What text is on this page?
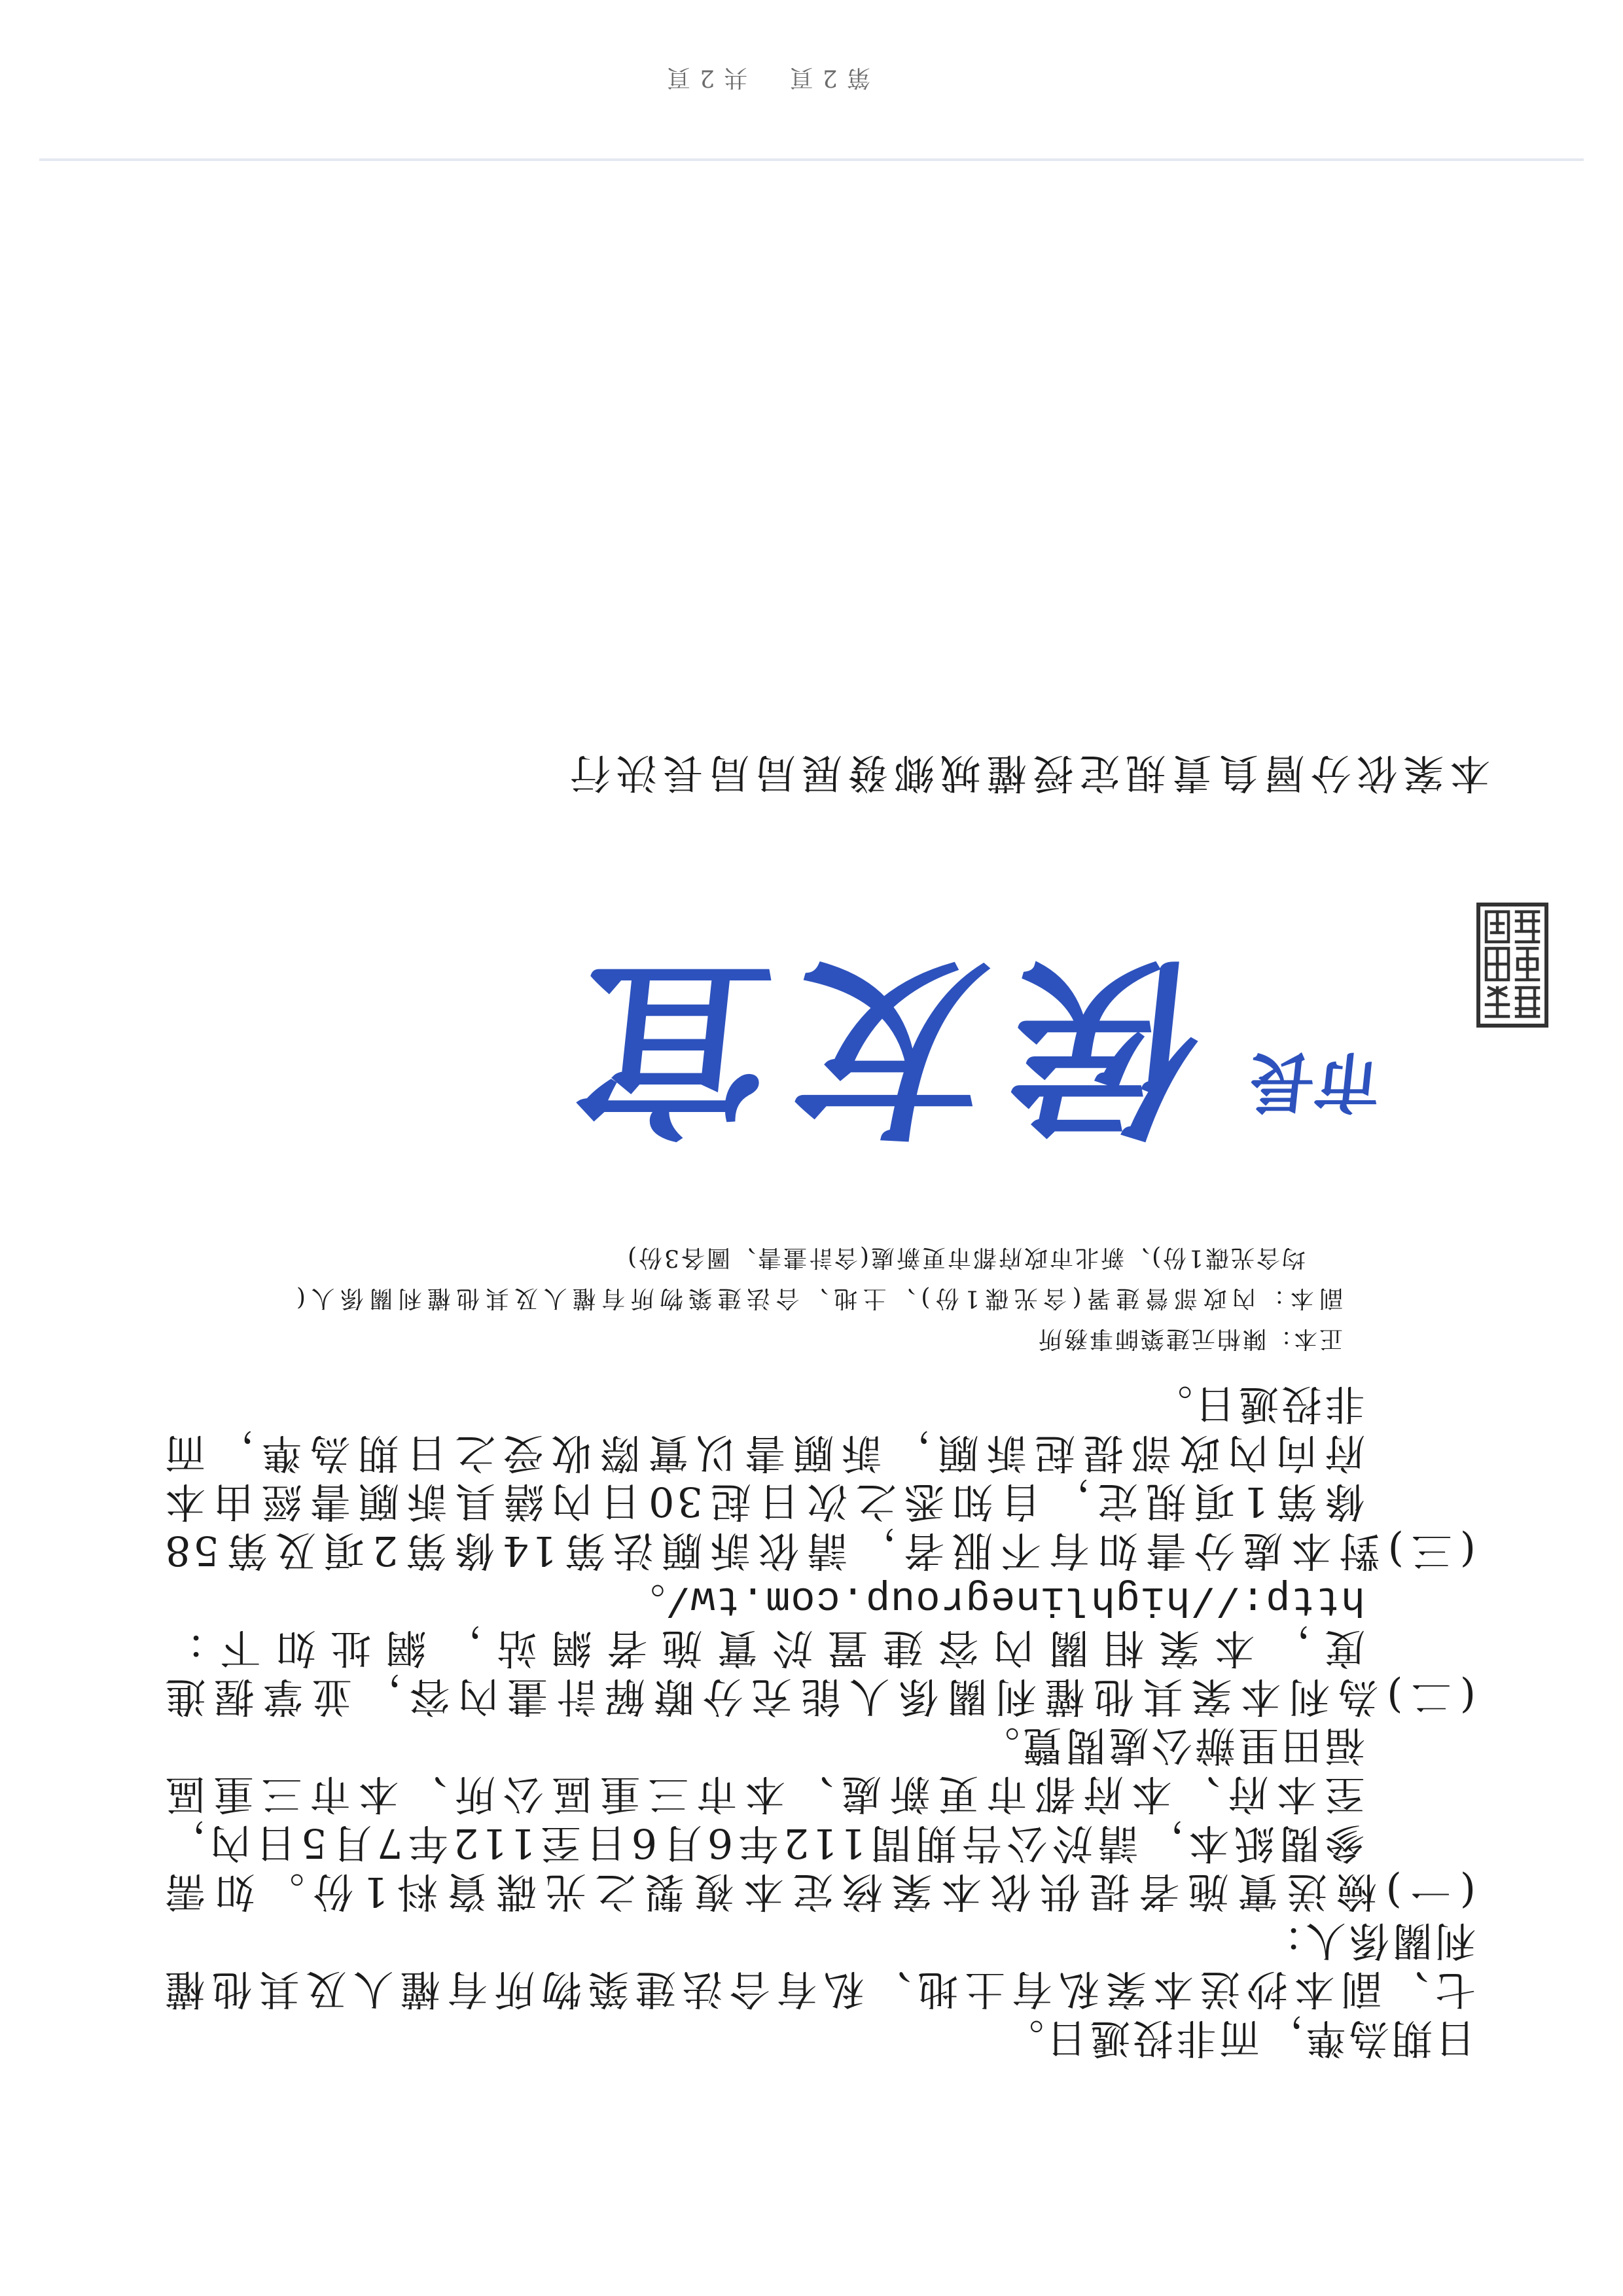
日期為準，而非投遞日。
七、副本抄送本案私有土地、私有合法建築物所有權人及其他權
利關係人：
(一)檢送實施者提供依本案核定本複製之光碟資料1份。如需
參閱紙本，請於公告期間112年6月6日至112年7月5日內，
至本府、本府都市更新處、本市三重區公所、本市三重區
福田里辦公處閱覽。
(二)為利本案其他權利關係人能充分瞭解計畫內容，並掌握進
度，本案相關內容建置於實施者網站，網址如下：
http://highlinegroup.com.tw/。
(三)對本處分書如有不服者，請依訴願法第14條第2項及第58
條第1項規定，自知悉之次日起30日內繕具訴願書經由本
府向內政部提起訴願，訴願書以實際收受之日期為準，而
非投遞日。
正本：陳柏元建築師事務所
副本：內政部營建署(含光碟1份)、土地、合法建築物所有權人及其他權利關係人(
均含光碟1份)、新北市政府都市更新處(含計畫書、圖各3份)
市長
侯友宜
本案依分層負責規定授權城鄉發展局局長決行
第2頁　共2頁
